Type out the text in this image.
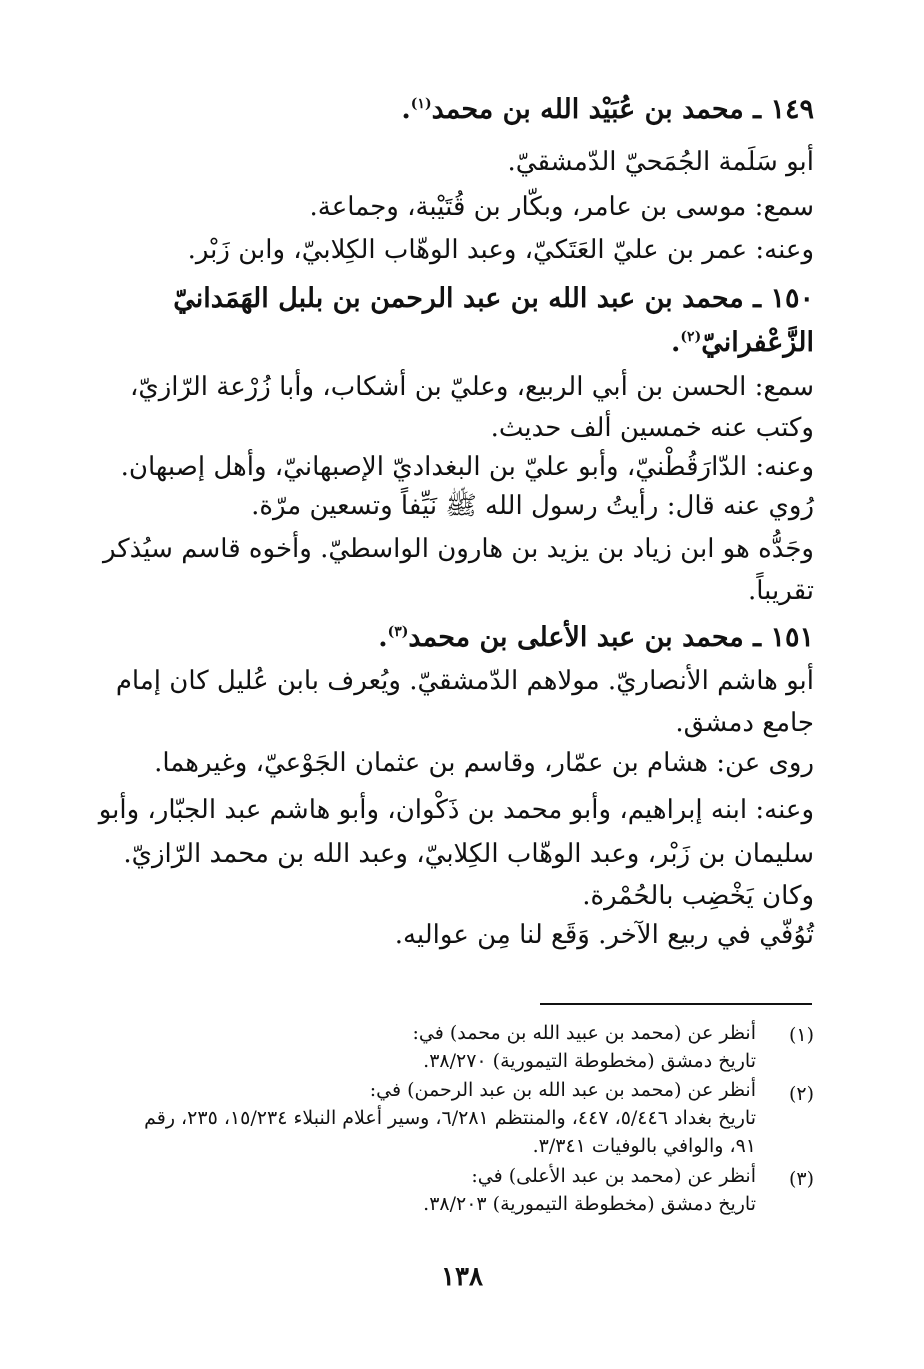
١٤٩ ـ محمد بن عُبَيْد الله بن محمد$^{(١)}$.
أبو سَلَمة الجُمَحيّ الدّمشقيّ.
سمع: موسى بن عامر، وبكّار بن قُتَيْبة، وجماعة.
وعنه: عمر بن عليّ العَتَكيّ، وعبد الوهّاب الكِلابيّ، وابن زَبْر.
١٥٠ ـ محمد بن عبد الله بن عبد الرحمن بن بلبل الهَمَدانيّ
الزَّعْفرانيّ$^{(٢)}$.
سمع: الحسن بن أبي الربيع، وعليّ بن أشكاب، وأبا زُرْعة الرّازيّ،
وكتب عنه خمسين ألف حديث.
وعنه: الدّارَقُطْنيّ، وأبو عليّ بن البغداديّ الإصبهانيّ، وأهل إصبهان.
رُوي عنه قال: رأيتُ رسول الله ﷺ نَيِّفاً وتسعين مرّة.
وجَدُّه هو ابن زياد بن يزيد بن هارون الواسطيّ. وأخوه قاسم سيُذكر
تقريباً.
١٥١ ـ محمد بن عبد الأعلى بن محمد$^{(٣)}$.
أبو هاشم الأنصاريّ. مولاهم الدّمشقيّ. ويُعرف بابن عُليل كان إمام
جامع دمشق.
روى عن: هشام بن عمّار، وقاسم بن عثمان الجَوْعيّ، وغيرهما.
وعنه: ابنه إبراهيم، وأبو محمد بن ذَكْوان، وأبو هاشم عبد الجبّار، وأبو
سليمان بن زَبْر، وعبد الوهّاب الكِلابيّ، وعبد الله بن محمد الرّازيّ.
وكان يَخْضِب بالحُمْرة.
تُوُفّي في ربيع الآخر. وَقَع لنا مِن عواليه.
(١)
أنظر عن (محمد بن عبيد الله بن محمد) في:
تاريخ دمشق (مخطوطة التيمورية) ٣٨/٢٧٠.
(٢)
أنظر عن (محمد بن عبد الله بن عبد الرحمن) في:
تاريخ بغداد ٥/٤٤٦، ٤٤٧، والمنتظم ٦/٢٨١، وسير أعلام النبلاء ١٥/٢٣٤، ٢٣٥، رقم
٩١، والوافي بالوفيات ٣/٣٤١.
(٣)
أنظر عن (محمد بن عبد الأعلى) في:
تاريخ دمشق (مخطوطة التيمورية) ٣٨/٢٠٣.
١٣٨
